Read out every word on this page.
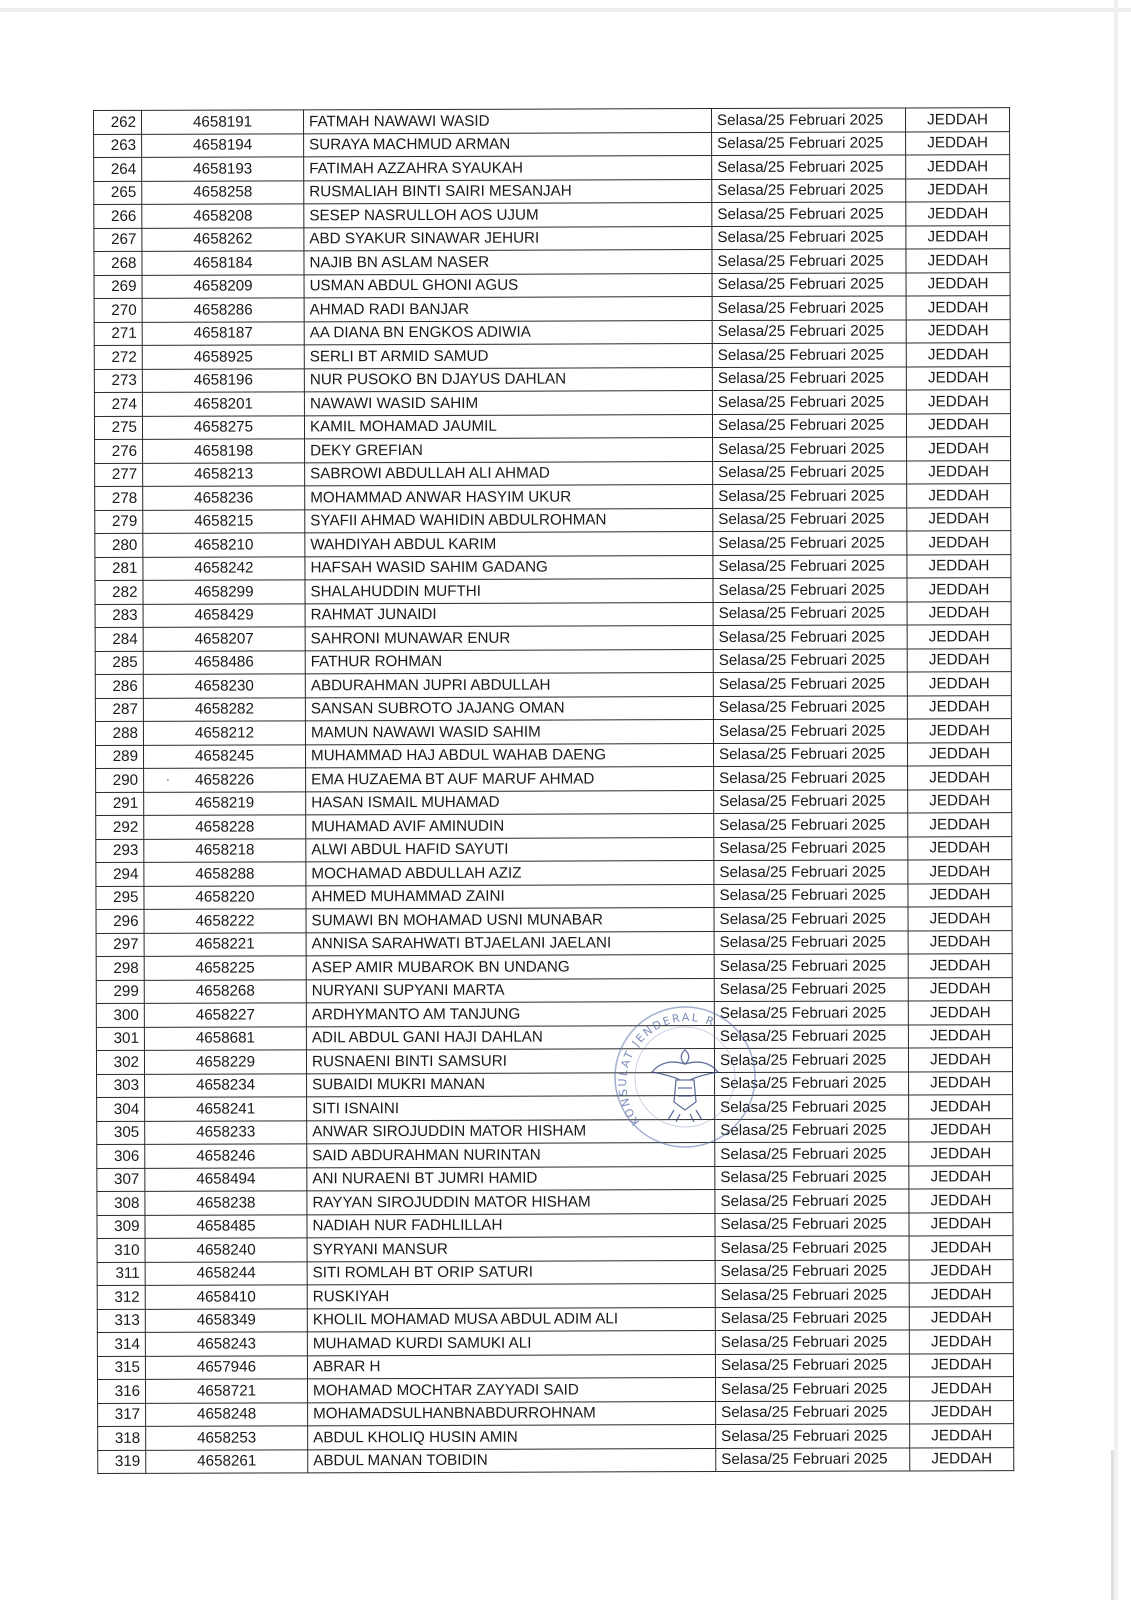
262	4658191	FATMAH NAWAWI WASID	Selasa/25 Februari 2025	JEDDAH
263	4658194	SURAYA MACHMUD ARMAN	Selasa/25 Februari 2025	JEDDAH
264	4658193	FATIMAH AZZAHRA SYAUKAH	Selasa/25 Februari 2025	JEDDAH
265	4658258	RUSMALIAH BINTI SAIRI MESANJAH	Selasa/25 Februari 2025	JEDDAH
266	4658208	SESEP NASRULLOH AOS UJUM	Selasa/25 Februari 2025	JEDDAH
267	4658262	ABD SYAKUR SINAWAR JEHURI	Selasa/25 Februari 2025	JEDDAH
268	4658184	NAJIB BN ASLAM NASER	Selasa/25 Februari 2025	JEDDAH
269	4658209	USMAN ABDUL GHONI AGUS	Selasa/25 Februari 2025	JEDDAH
270	4658286	AHMAD RADI BANJAR	Selasa/25 Februari 2025	JEDDAH
271	4658187	AA DIANA BN ENGKOS ADIWIA	Selasa/25 Februari 2025	JEDDAH
272	4658925	SERLI BT ARMID SAMUD	Selasa/25 Februari 2025	JEDDAH
273	4658196	NUR PUSOKO BN DJAYUS DAHLAN	Selasa/25 Februari 2025	JEDDAH
274	4658201	NAWAWI WASID SAHIM	Selasa/25 Februari 2025	JEDDAH
275	4658275	KAMIL MOHAMAD JAUMIL	Selasa/25 Februari 2025	JEDDAH
276	4658198	DEKY GREFIAN	Selasa/25 Februari 2025	JEDDAH
277	4658213	SABROWI ABDULLAH ALI AHMAD	Selasa/25 Februari 2025	JEDDAH
278	4658236	MOHAMMAD ANWAR HASYIM UKUR	Selasa/25 Februari 2025	JEDDAH
279	4658215	SYAFII AHMAD WAHIDIN ABDULROHMAN	Selasa/25 Februari 2025	JEDDAH
280	4658210	WAHDIYAH ABDUL KARIM	Selasa/25 Februari 2025	JEDDAH
281	4658242	HAFSAH WASID SAHIM GADANG	Selasa/25 Februari 2025	JEDDAH
282	4658299	SHALAHUDDIN MUFTHI	Selasa/25 Februari 2025	JEDDAH
283	4658429	RAHMAT JUNAIDI	Selasa/25 Februari 2025	JEDDAH
284	4658207	SAHRONI MUNAWAR ENUR	Selasa/25 Februari 2025	JEDDAH
285	4658486	FATHUR ROHMAN	Selasa/25 Februari 2025	JEDDAH
286	4658230	ABDURAHMAN JUPRI ABDULLAH	Selasa/25 Februari 2025	JEDDAH
287	4658282	SANSAN SUBROTO JAJANG OMAN	Selasa/25 Februari 2025	JEDDAH
288	4658212	MAMUN NAWAWI WASID SAHIM	Selasa/25 Februari 2025	JEDDAH
289	4658245	MUHAMMAD HAJ ABDUL WAHAB DAENG	Selasa/25 Februari 2025	JEDDAH
290	4658226	EMA HUZAEMA BT AUF MARUF AHMAD	Selasa/25 Februari 2025	JEDDAH
291	4658219	HASAN ISMAIL MUHAMAD	Selasa/25 Februari 2025	JEDDAH
292	4658228	MUHAMAD AVIF AMINUDIN	Selasa/25 Februari 2025	JEDDAH
293	4658218	ALWI ABDUL HAFID SAYUTI	Selasa/25 Februari 2025	JEDDAH
294	4658288	MOCHAMAD ABDULLAH AZIZ	Selasa/25 Februari 2025	JEDDAH
295	4658220	AHMED MUHAMMAD ZAINI	Selasa/25 Februari 2025	JEDDAH
296	4658222	SUMAWI BN MOHAMAD USNI MUNABAR	Selasa/25 Februari 2025	JEDDAH
297	4658221	ANNISA SARAHWATI BTJAELANI JAELANI	Selasa/25 Februari 2025	JEDDAH
298	4658225	ASEP AMIR MUBAROK BN UNDANG	Selasa/25 Februari 2025	JEDDAH
299	4658268	NURYANI SUPYANI MARTA	Selasa/25 Februari 2025	JEDDAH
300	4658227	ARDHYMANTO AM TANJUNG	Selasa/25 Februari 2025	JEDDAH
301	4658681	ADIL ABDUL GANI HAJI DAHLAN	Selasa/25 Februari 2025	JEDDAH
302	4658229	RUSNAENI BINTI SAMSURI	Selasa/25 Februari 2025	JEDDAH
303	4658234	SUBAIDI MUKRI MANAN	Selasa/25 Februari 2025	JEDDAH
304	4658241	SITI ISNAINI	Selasa/25 Februari 2025	JEDDAH
305	4658233	ANWAR SIROJUDDIN MATOR HISHAM	Selasa/25 Februari 2025	JEDDAH
306	4658246	SAID ABDURAHMAN NURINTAN	Selasa/25 Februari 2025	JEDDAH
307	4658494	ANI NURAENI BT JUMRI HAMID	Selasa/25 Februari 2025	JEDDAH
308	4658238	RAYYAN SIROJUDDIN MATOR HISHAM	Selasa/25 Februari 2025	JEDDAH
309	4658485	NADIAH NUR FADHLILLAH	Selasa/25 Februari 2025	JEDDAH
310	4658240	SYRYANI MANSUR	Selasa/25 Februari 2025	JEDDAH
311	4658244	SITI ROMLAH BT ORIP SATURI	Selasa/25 Februari 2025	JEDDAH
312	4658410	RUSKIYAH	Selasa/25 Februari 2025	JEDDAH
313	4658349	KHOLIL MOHAMAD MUSA ABDUL ADIM ALI	Selasa/25 Februari 2025	JEDDAH
314	4658243	MUHAMAD KURDI SAMUKI ALI	Selasa/25 Februari 2025	JEDDAH
315	4657946	ABRAR H	Selasa/25 Februari 2025	JEDDAH
316	4658721	MOHAMAD MOCHTAR ZAYYADI SAID	Selasa/25 Februari 2025	JEDDAH
317	4658248	MOHAMADSULHANBNABDURROHNAM	Selasa/25 Februari 2025	JEDDAH
318	4658253	ABDUL KHOLIQ HUSIN AMIN	Selasa/25 Februari 2025	JEDDAH
319	4658261	ABDUL MANAN TOBIDIN	Selasa/25 Februari 2025	JEDDAH
'
KONSULAT JENDERAL R
